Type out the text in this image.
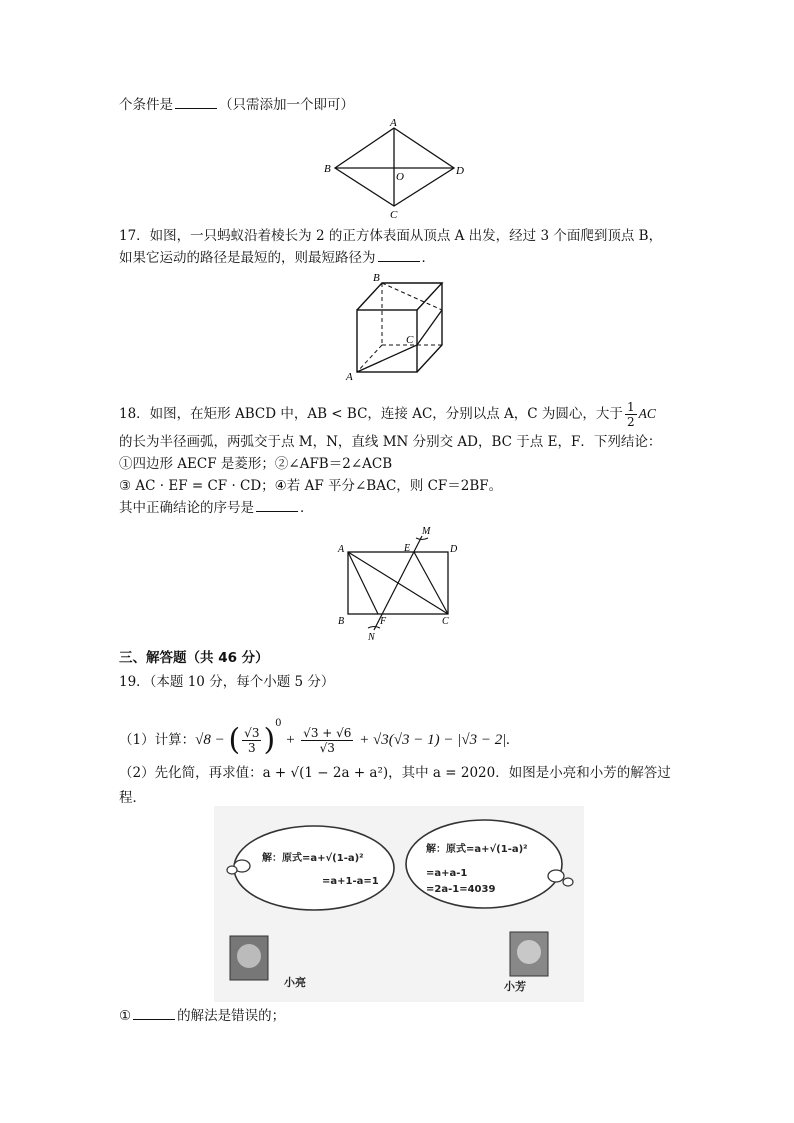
个条件是	（只需添加一个即可）
A
B
C
D
O
17．如图，一只蚂蚁沿着棱长为 2 的正方体表面从顶点 A 出发，经过 3 个面爬到顶点 B，
如果它运动的路径是最短的，则最短路径为	．
B
C
A
18．如图，在矩形 ABCD 中，AB < BC，连接 AC，分别以点 A，C 为圆心，大于 $\frac{1}{2}$ AC
的长为半径画弧，两弧交于点 M，N，直线 MN 分别交 AD，BC 于点 E，F．下列结论：
①四边形 AECF 是菱形；②∠AFB＝2∠ACB
③ AC · EF = CF · CD；④若 AF 平分∠BAC，则 CF＝2BF。
其中正确结论的序号是	．
A	E
M
D
B	F	C
N
三、解答题（共 46 分）
19．（本题 10 分，每个小题 5 分）
（1）计算：√8 − ( $\frac{√3}{3} )^0 + \frac{√3 + √6}{√3} + √3(√3 - 1) - |√3 - 2|$.
（2）先化简，再求值：a + √(1 − 2a + a²)，其中 a = 2020．如图是小亮和小芳的解答过
程．
解：原式=a+√(1-a)²
=a+1-a=1
解：原式=a+√(1-a)²
=a+a-1
=2a-1=4039
小亮	小芳
①	的解法是错误的；
